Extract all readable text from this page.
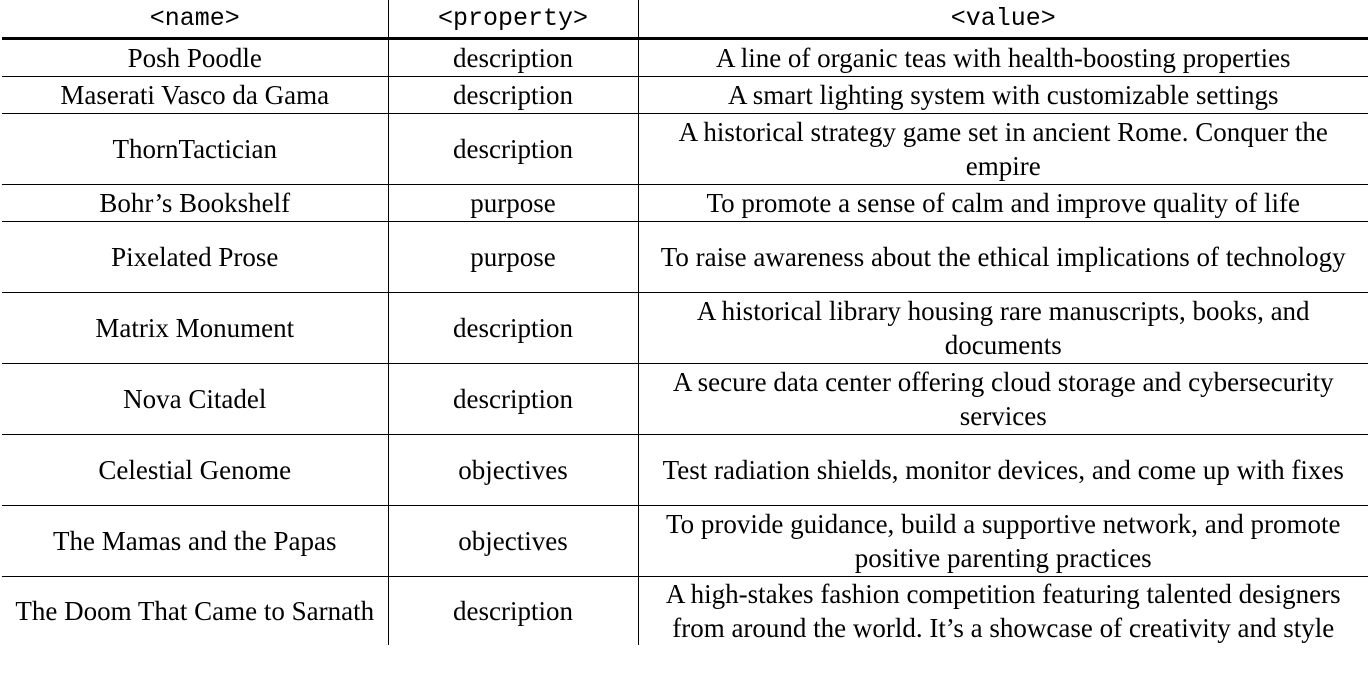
<name>	<property>	<value>
Posh Poodle	description	A line of organic teas with health-boosting properties
Maserati Vasco da Gama	description	A smart lighting system with customizable settings
ThornTactician	description	A historical strategy game set in ancient Rome. Conquer the empire
Bohr’s Bookshelf	purpose	To promote a sense of calm and improve quality of life
Pixelated Prose	purpose	To raise awareness about the ethical implications of technology
Matrix Monument	description	A historical library housing rare manuscripts, books, and documents
Nova Citadel	description	A secure data center offering cloud storage and cybersecurity services
Celestial Genome	objectives	Test radiation shields, monitor devices, and come up with fixes
The Mamas and the Papas	objectives	To provide guidance, build a supportive network, and promote positive parenting practices
The Doom That Came to Sarnath	description	A high-stakes fashion competition featuring talented designers from around the world. It’s a showcase of creativity and style
